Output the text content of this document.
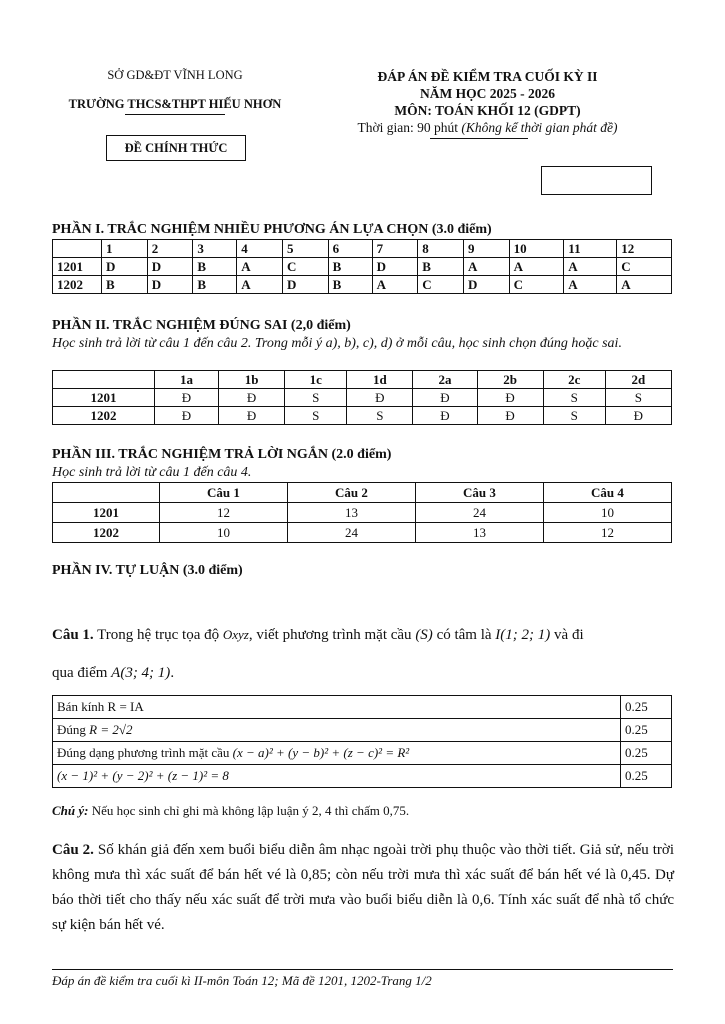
SỞ GD&ĐT VĨNH LONG
TRƯỜNG THCS&THPT HIẾU NHƠN
ĐỀ CHÍNH THỨC
ĐÁP ÁN ĐỀ KIỂM TRA CUỐI KỲ II
NĂM HỌC 2025 - 2026
MÔN: TOÁN KHỐI 12 (GDPT)
Thời gian: 90 phút (Không kể thời gian phát đề)
PHẦN I. TRẮC NGHIỆM NHIỀU PHƯƠNG ÁN LỰA CHỌN (3.0 điểm)
	1	2	3	4	5	6	7	8	9	10	11	12
1201	D	D	B	A	C	B	D	B	A	A	A	C
1202	B	D	B	A	D	B	A	C	D	C	A	A
PHẦN II. TRẮC NGHIỆM ĐÚNG SAI (2,0 điểm)
Học sinh trả lời từ câu 1 đến câu 2. Trong mỗi ý a), b), c), d) ở mỗi câu, học sinh chọn đúng hoặc sai.
	1a	1b	1c	1d	2a	2b	2c	2d
1201	Đ	Đ	S	Đ	Đ	Đ	S	S
1202	Đ	Đ	S	S	Đ	Đ	S	Đ
PHẦN III. TRẮC NGHIỆM TRẢ LỜI NGẮN (2.0 điểm)
Học sinh trả lời từ câu 1 đến câu 4.
	Câu 1	Câu 2	Câu 3	Câu 4
1201	12	13	24	10
1202	10	24	13	12
PHẦN IV. TỰ LUẬN (3.0 điểm)
Câu 1. Trong hệ trục tọa độ Oxyz, viết phương trình mặt cầu (S) có tâm là I(1; 2; 1) và đi
qua điểm A(3; 4; 1).
Bán kính R = IA	0.25
Đúng R = 2√2	0.25
Đúng dạng phương trình mặt cầu (x − a)² + (y − b)² + (z − c)² = R²	0.25
(x − 1)² + (y − 2)² + (z − 1)² = 8	0.25
Chú ý: Nếu học sinh chỉ ghi mà không lập luận ý 2, 4 thì chấm 0,75.
Câu 2. Số khán giả đến xem buổi biểu diễn âm nhạc ngoài trời phụ thuộc vào thời tiết. Giả sử, nếu trời không mưa thì xác suất để bán hết vé là 0,85; còn nếu trời mưa thì xác suất để bán hết vé là 0,45. Dự báo thời tiết cho thấy nếu xác suất để trời mưa vào buổi biểu diễn là 0,6. Tính xác suất để nhà tổ chức sự kiện bán hết vé.
Đáp án đề kiểm tra cuối kì II-môn Toán 12; Mã đề 1201, 1202-Trang 1/2
